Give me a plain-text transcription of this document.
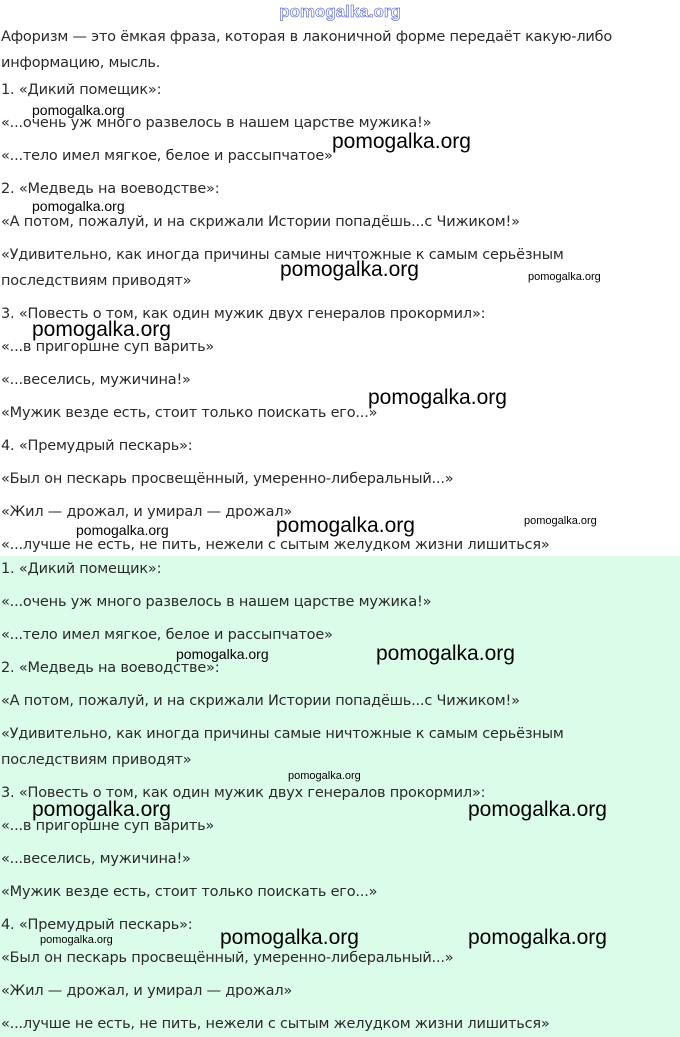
pomogalka.org

Афоризм — это ёмкая фраза, которая в лаконичной форме передаёт какую-либо

информацию, мысль.

1. «Дикий помещик»:

«...очень уж много развелось в нашем царстве мужика!»

«...тело имел мягкое, белое и рассыпчатое»

2. «Медведь на воеводстве»:

«А потом, пожалуй, и на скрижали Истории попадёшь...с Чижиком!»

«Удивительно, как иногда причины самые ничтожные к самым серьёзным

последствиям приводят»

3. «Повесть о том, как один мужик двух генералов прокормил»:

«...в пригоршне суп варить»

«...веселись, мужичина!»

«Мужик везде есть, стоит только поискать его...»

4. «Премудрый пескарь»:

«Был он пескарь просвещённый, умеренно-либеральный...»

«Жил — дрожал, и умирал — дрожал»

«...лучше не есть, не пить, нежели с сытым желудком жизни лишиться»

pomogalka.org
pomogalka.org
pomogalka.org
pomogalka.org	pomogalka.org
pomogalka.org
pomogalka.org
pomogalka.org
pomogalka.org
pomogalka.org

1. «Дикий помещик»:

«...очень уж много развелось в нашем царстве мужика!»

«...тело имел мягкое, белое и рассыпчатое»

2. «Медведь на воеводстве»:

«А потом, пожалуй, и на скрижали Истории попадёшь...с Чижиком!»

«Удивительно, как иногда причины самые ничтожные к самым серьёзным

последствиям приводят»

3. «Повесть о том, как один мужик двух генералов прокормил»:

«...в пригоршне суп варить»

«...веселись, мужичина!»

«Мужик везде есть, стоит только поискать его...»

4. «Премудрый пескарь»:

«Был он пескарь просвещённый, умеренно-либеральный...»

«Жил — дрожал, и умирал — дрожал»

«...лучше не есть, не пить, нежели с сытым желудком жизни лишиться»

pomogalka.org	pomogalka.org
pomogalka.org
pomogalka.org	pomogalka.org
pomogalka.org	pomogalka.org	pomogalka.org
